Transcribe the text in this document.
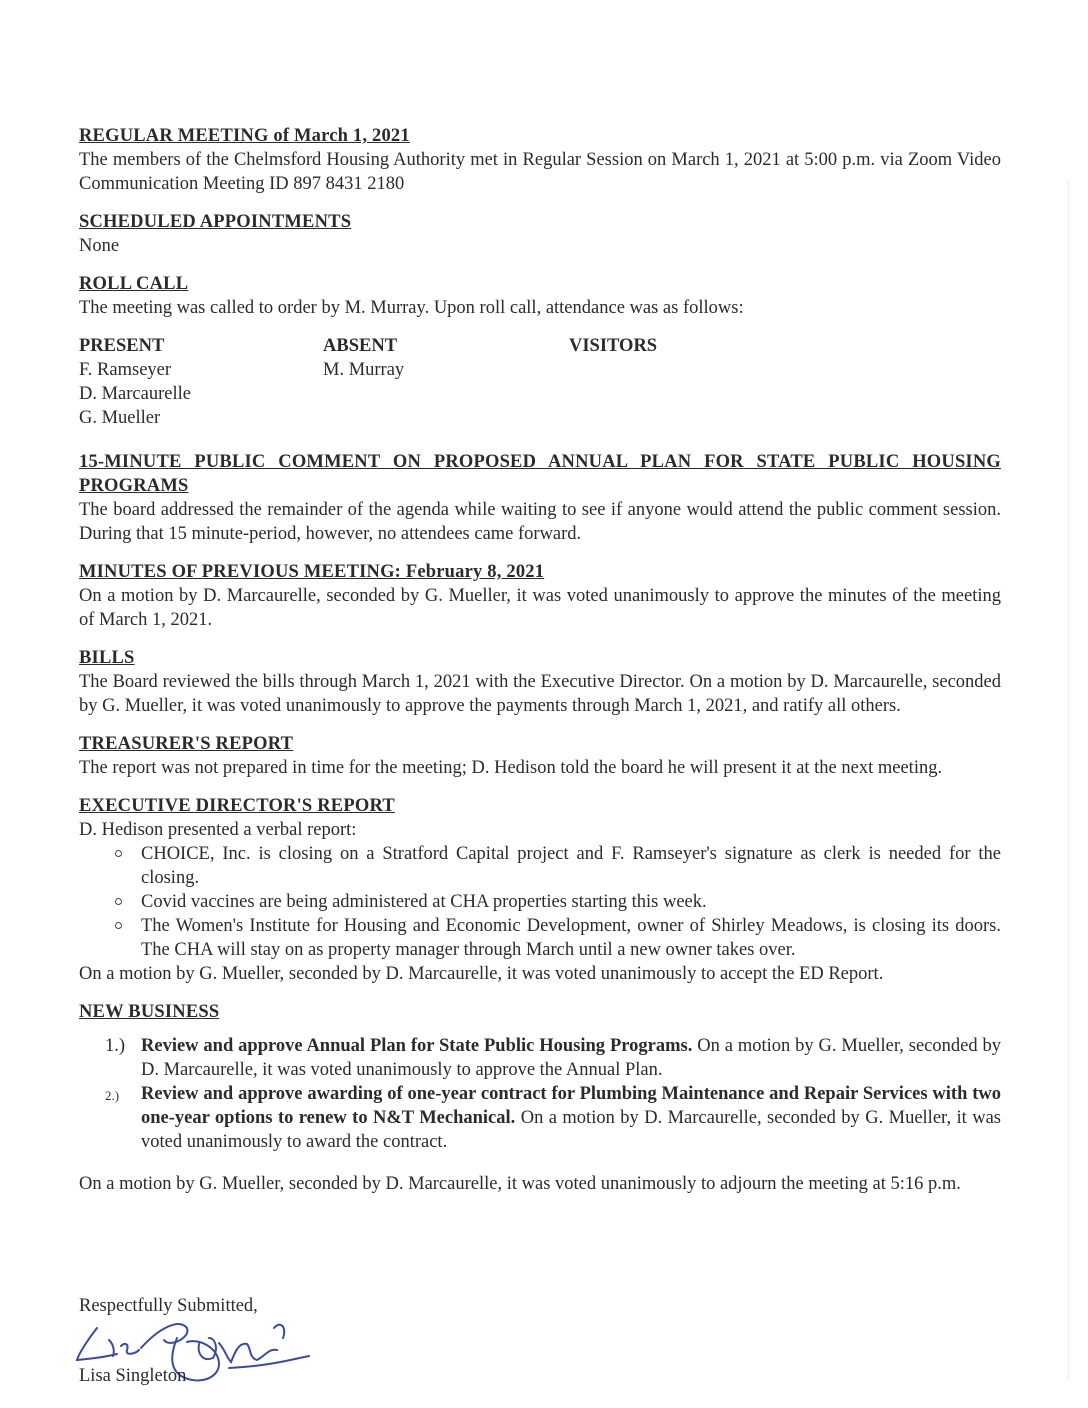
REGULAR MEETING of March 1, 2021

The members of the Chelmsford Housing Authority met in Regular Session on March 1, 2021 at 5:00 p.m. via Zoom Video Communication Meeting ID 897 8431 2180

SCHEDULED APPOINTMENTS

None

ROLL CALL

The meeting was called to order by M. Murray. Upon roll call, attendance was as follows:

PRESENT
F. Ramseyer
D. Marcaurelle
G. Mueller
ABSENT
M. Murray
VISITORS

15-MINUTE PUBLIC COMMENT ON PROPOSED ANNUAL PLAN FOR STATE PUBLIC HOUSING PROGRAMS

The board addressed the remainder of the agenda while waiting to see if anyone would attend the public comment session. During that 15 minute-period, however, no attendees came forward.

MINUTES OF PREVIOUS MEETING: February 8, 2021

On a motion by D. Marcaurelle, seconded by G. Mueller, it was voted unanimously to approve the minutes of the meeting of March 1, 2021.

BILLS

The Board reviewed the bills through March 1, 2021 with the Executive Director. On a motion by D. Marcaurelle, seconded by G. Mueller, it was voted unanimously to approve the payments through March 1, 2021, and ratify all others.

TREASURER'S REPORT

The report was not prepared in time for the meeting; D. Hedison told the board he will present it at the next meeting.

EXECUTIVE DIRECTOR'S REPORT

D. Hedison presented a verbal report:

CHOICE, Inc. is closing on a Stratford Capital project and F. Ramseyer's signature as clerk is needed for the closing.
Covid vaccines are being administered at CHA properties starting this week.
The Women's Institute for Housing and Economic Development, owner of Shirley Meadows, is closing its doors. The CHA will stay on as property manager through March until a new owner takes over.

On a motion by G. Mueller, seconded by D. Marcaurelle, it was voted unanimously to accept the ED Report.

NEW BUSINESS

1.) Review and approve Annual Plan for State Public Housing Programs. On a motion by G. Mueller, seconded by D. Marcaurelle, it was voted unanimously to approve the Annual Plan.
2.) Review and approve awarding of one-year contract for Plumbing Maintenance and Repair Services with two one-year options to renew to N&T Mechanical. On a motion by D. Marcaurelle, seconded by G. Mueller, it was voted unanimously to award the contract.

On a motion by G. Mueller, seconded by D. Marcaurelle, it was voted unanimously to adjourn the meeting at 5:16 p.m.

Respectfully Submitted,
Lisa Singleton
